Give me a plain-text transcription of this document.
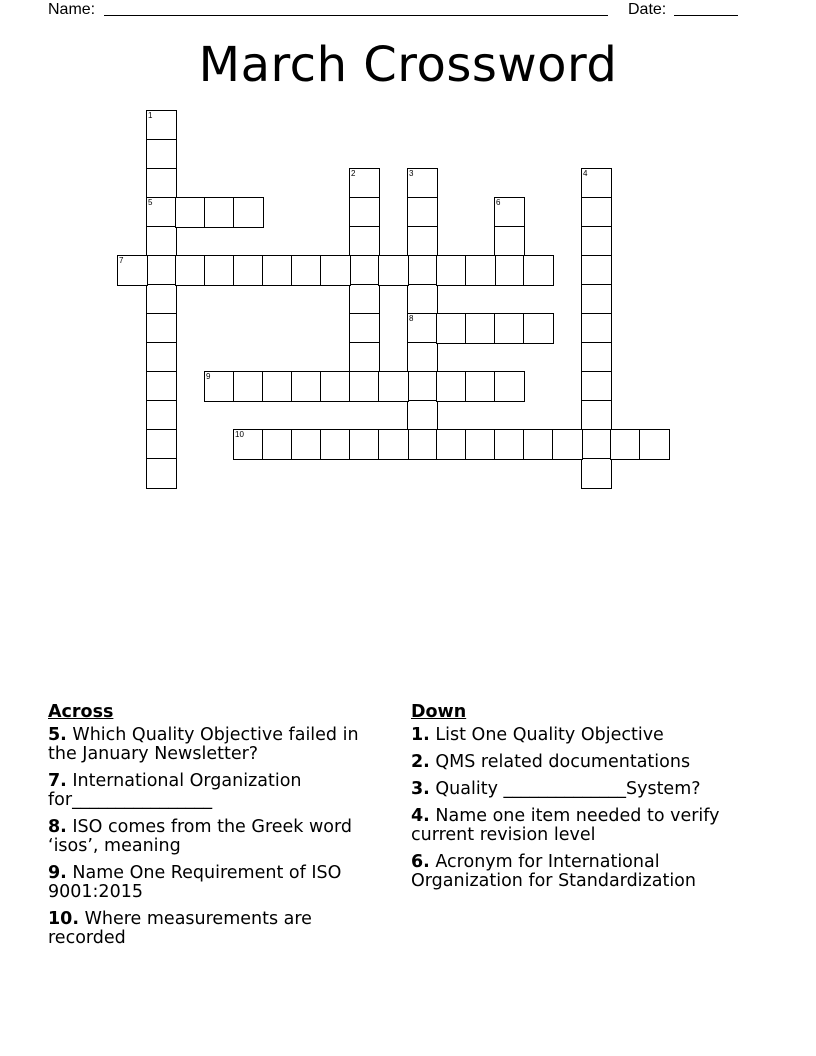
Name:	Date:
March Crossword
1
5
2	3
8
4
6
7
9
10
Across
5. Which Quality Objective failed in the January Newsletter?
7. International Organization for________________
8. ISO comes from the Greek word ‘isos’, meaning
9. Name One Requirement of ISO 9001:2015
10. Where measurements are recorded
Down
1. List One Quality Objective
2. QMS related documentations
3. Quality ______________System?
4. Name one item needed to verify current revision level
6. Acronym for International Organization for Standardization
